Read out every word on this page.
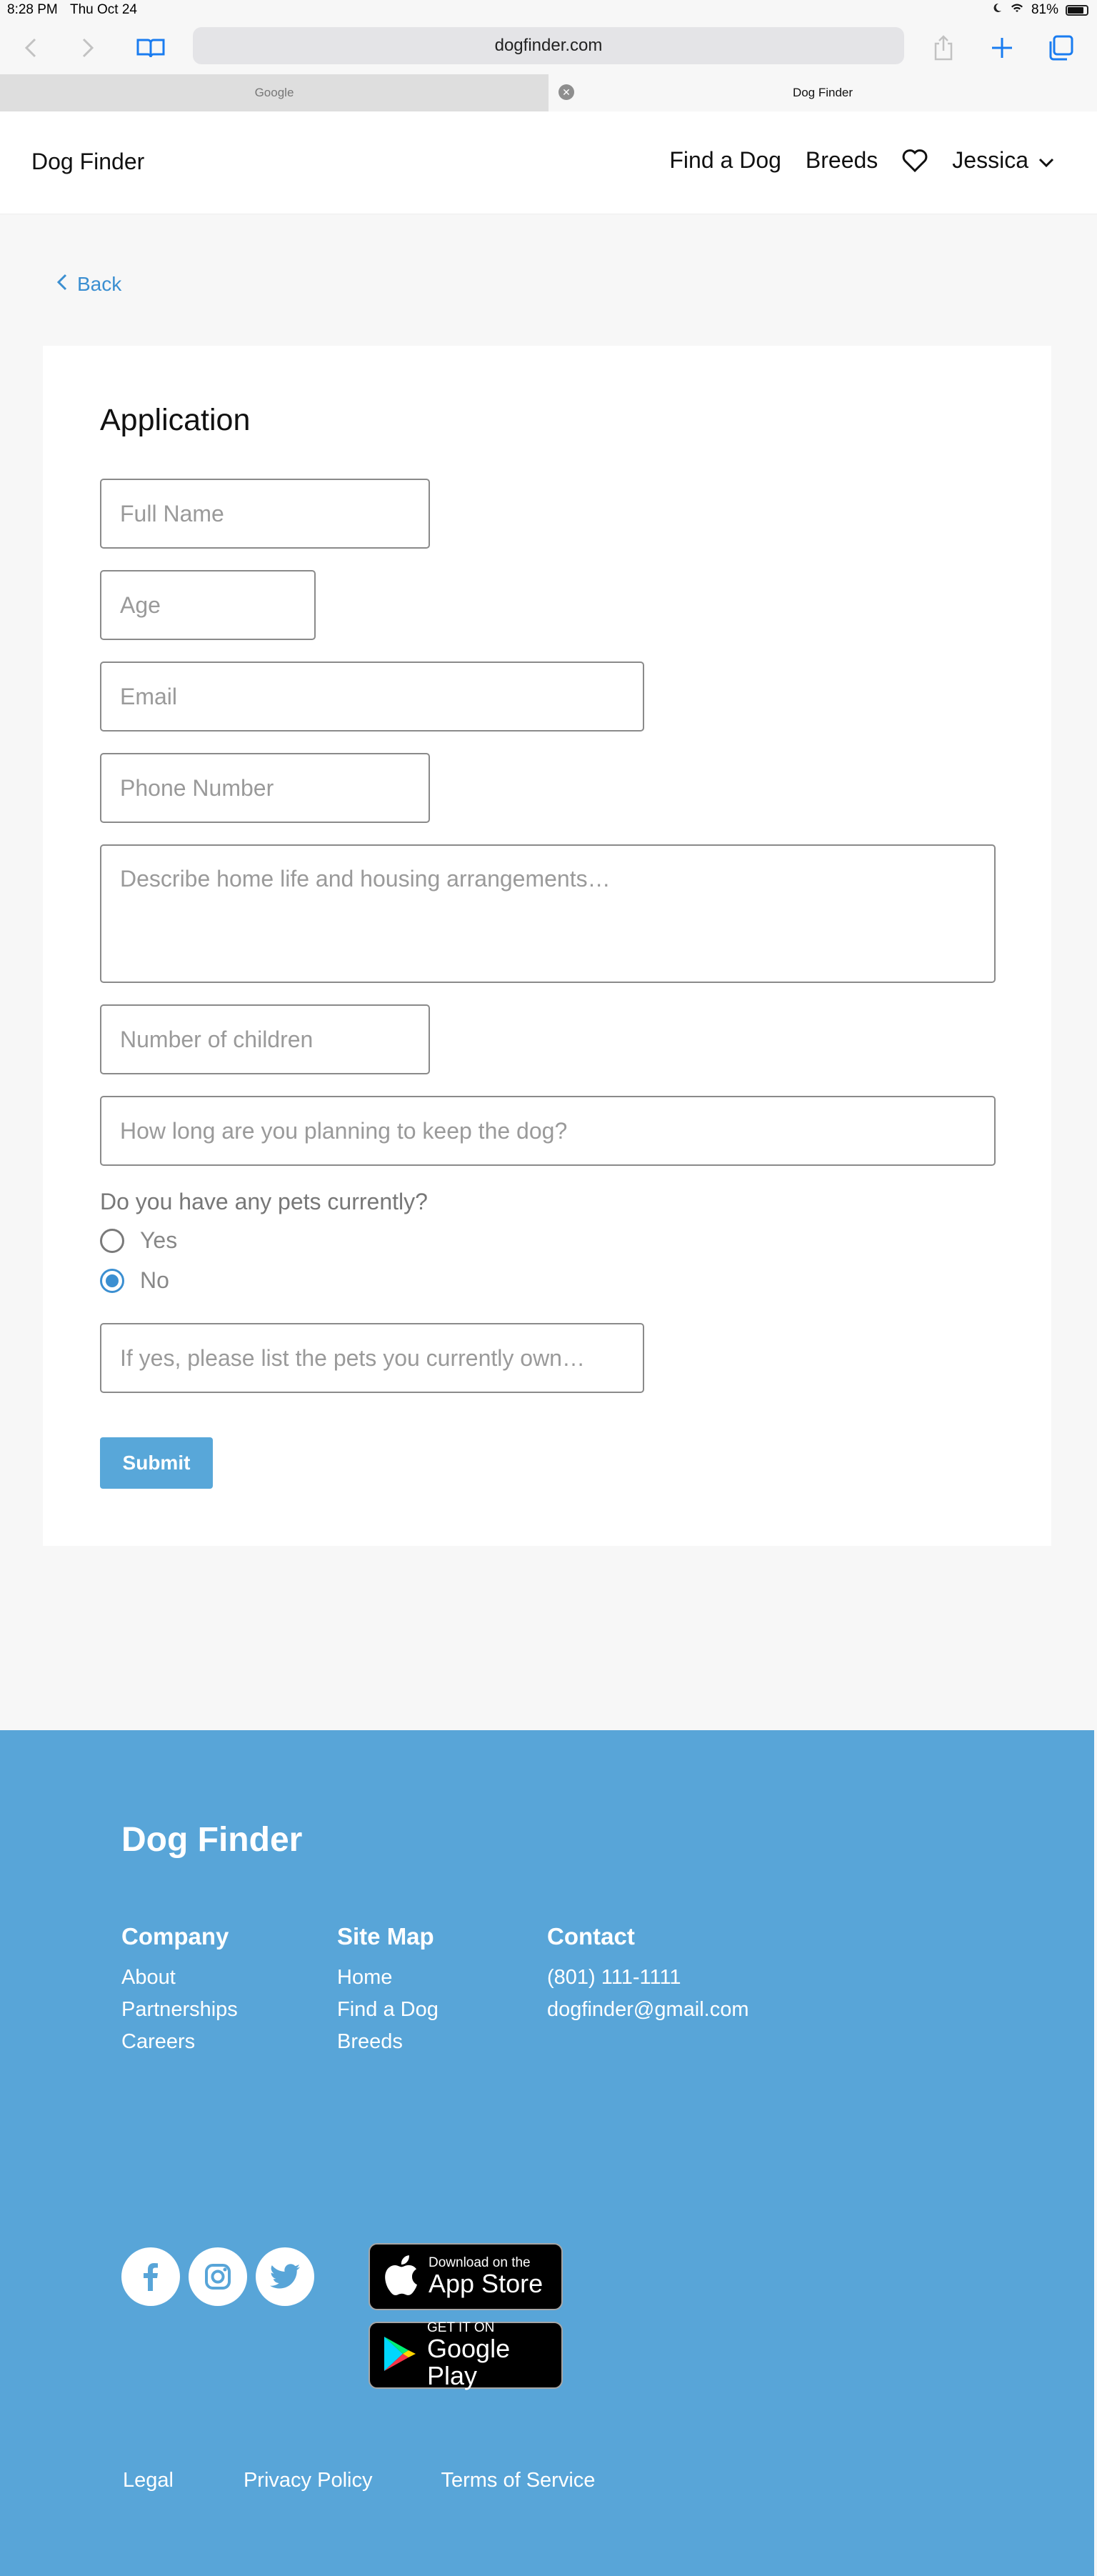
8:28 PM Thu Oct 24	81%
dogfinder.com
Google	✕	Dog Finder
Dog Finder	Find a Dog Breeds	Jessica
Back
Application
Full Name
Age
Email
Phone Number
Describe home life and housing arrangements…
Number of children
How long are you planning to keep the dog?
Do you have any pets currently?
Yes
No
If yes, please list the pets you currently own…
Submit
Dog Finder
Company
About
Partnerships
Careers
Site Map
Home
Find a Dog
Breeds
Contact
(801) 111-1111
dogfinder@gmail.com
Download on the
App Store
GET IT ON
Google Play
Legal	Privacy Policy	Terms of Service
